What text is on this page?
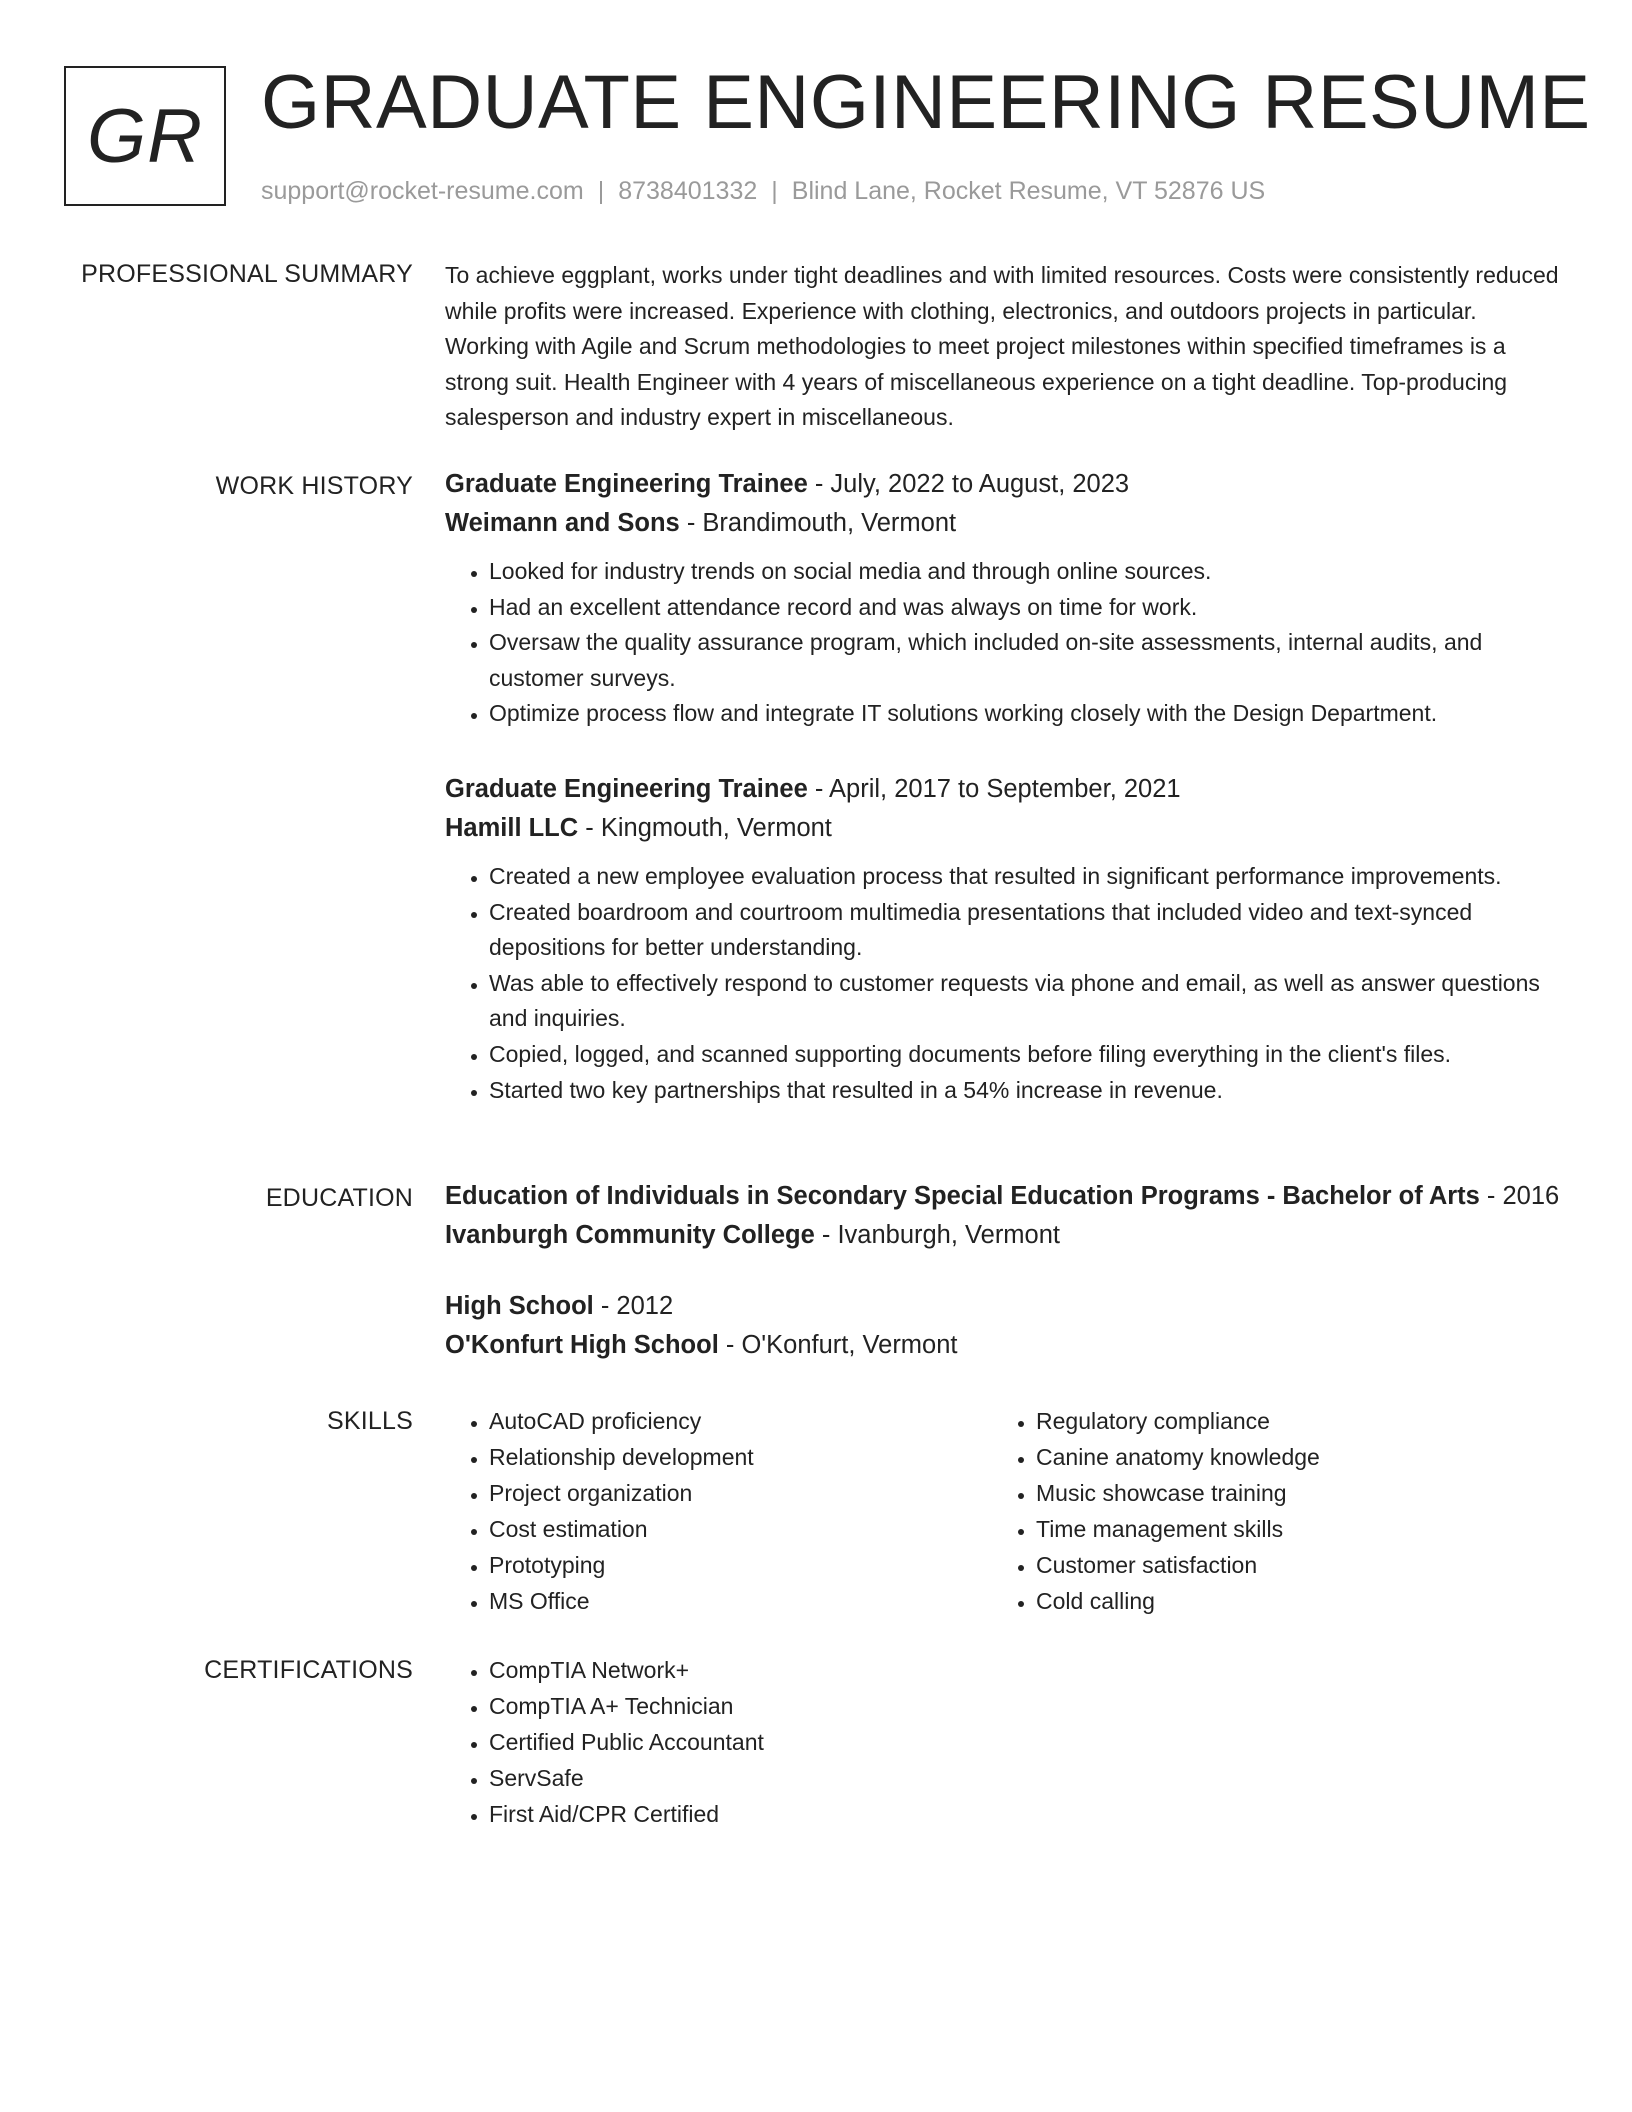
GR GRADUATE ENGINEERING RESUME
support@rocket-resume.com | 8738401332 | Blind Lane, Rocket Resume, VT 52876 US
PROFESSIONAL SUMMARY To achieve eggplant, works under tight deadlines and with limited resources. Costs were consistently reduced while profits were increased. Experience with clothing, electronics, and outdoors projects in particular. Working with Agile and Scrum methodologies to meet project milestones within specified timeframes is a strong suit. Health Engineer with 4 years of miscellaneous experience on a tight deadline. Top-producing salesperson and industry expert in miscellaneous.

WORK HISTORY Graduate Engineering Trainee - July, 2022 to August, 2023
Weimann and Sons - Brandimouth, Vermont
• Looked for industry trends on social media and through online sources.
• Had an excellent attendance record and was always on time for work.
• Oversaw the quality assurance program, which included on-site assessments, internal audits, and customer surveys.
• Optimize process flow and integrate IT solutions working closely with the Design Department.
Graduate Engineering Trainee - April, 2017 to September, 2021
Hamill LLC - Kingmouth, Vermont
• Created a new employee evaluation process that resulted in significant performance improvements.
• Created boardroom and courtroom multimedia presentations that included video and text-synced depositions for better understanding.
• Was able to effectively respond to customer requests via phone and email, as well as answer questions and inquiries.
• Copied, logged, and scanned supporting documents before filing everything in the client's files.
• Started two key partnerships that resulted in a 54% increase in revenue.
EDUCATION Education of Individuals in Secondary Special Education Programs - Bachelor of Arts - 2016
Ivanburgh Community College - Ivanburgh, Vermont
High School - 2012
O'Konfurt High School - O'Konfurt, Vermont
SKILLS	• AutoCAD proficiency
• Relationship development
• Project organization
• Cost estimation
• Prototyping
• MS Office
• Regulatory compliance
• Canine anatomy knowledge
• Music showcase training
• Time management skills
• Customer satisfaction
• Cold calling
CERTIFICATIONS	• CompTIA Network+
• CompTIA A+ Technician
• Certified Public Accountant
• ServSafe
• First Aid/CPR Certified
